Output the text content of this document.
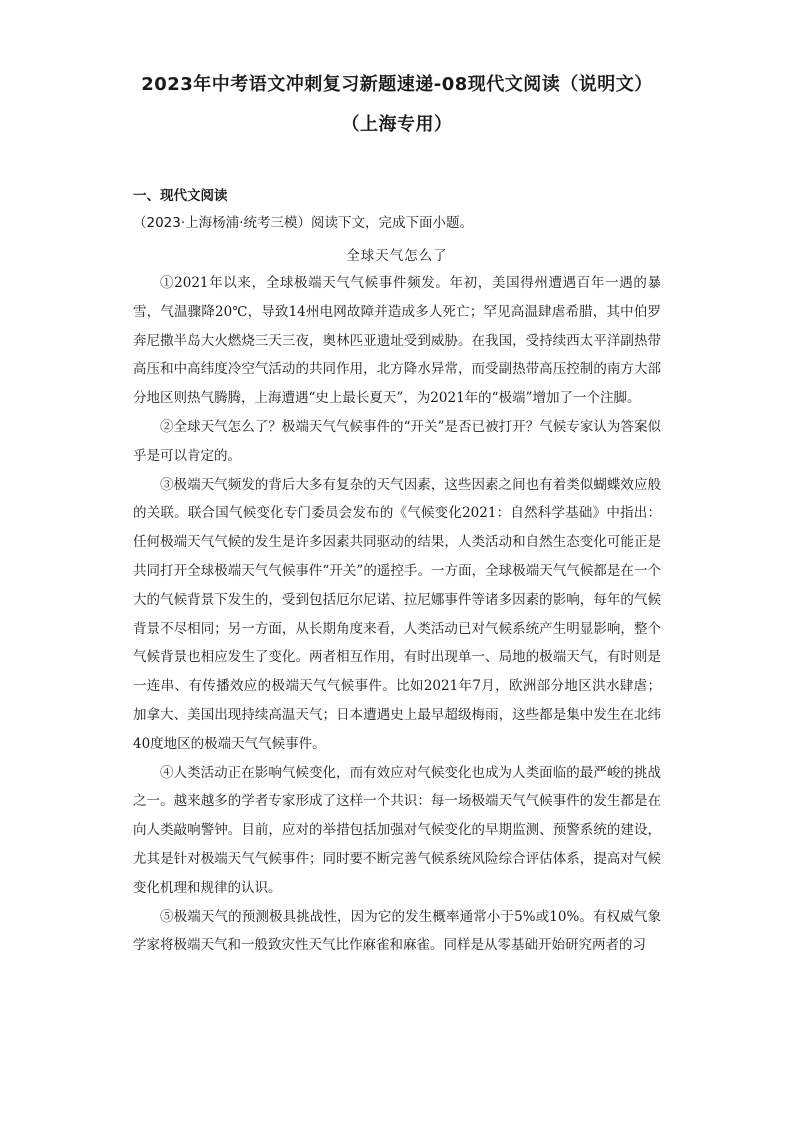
2023年中考语文冲刺复习新题速递-08现代文阅读（说明文）
（上海专用）
一、现代文阅读
（2023·上海杨浦·统考三模）阅读下文，完成下面小题。
全球天气怎么了

①2021年以来，全球极端天气气候事件频发。年初，美国得州遭遇百年一遇的暴雪，气温骤降20℃，导致14州电网故障并造成多人死亡；罕见高温肆虐希腊，其中伯罗奔尼撒半岛大火燃烧三天三夜，奥林匹亚遗址受到威胁。在我国，受持续西太平洋副热带高压和中高纬度冷空气活动的共同作用，北方降水异常，而受副热带高压控制的南方大部分地区则热气腾腾，上海遭遇“史上最长夏天”，为2021年的“极端”增加了一个注脚。

②全球天气怎么了？极端天气气候事件的“开关”是否已被打开？气候专家认为答案似乎是可以肯定的。

③极端天气频发的背后大多有复杂的天气因素，这些因素之间也有着类似蝴蝶效应般的关联。联合国气候变化专门委员会发布的《气候变化2021：自然科学基础》中指出：任何极端天气气候的发生是许多因素共同驱动的结果，人类活动和自然生态变化可能正是共同打开全球极端天气气候事件“开关”的遥控手。一方面，全球极端天气气候都是在一个大的气候背景下发生的，受到包括厄尔尼诺、拉尼娜事件等诸多因素的影响，每年的气候背景不尽相同；另一方面，从长期角度来看，人类活动已对气候系统产生明显影响，整个气候背景也相应发生了变化。两者相互作用，有时出现单一、局地的极端天气，有时则是一连串、有传播效应的极端天气气候事件。比如2021年7月，欧洲部分地区洪水肆虐；加拿大、美国出现持续高温天气；日本遭遇史上最早超级梅雨，这些都是集中发生在北纬40度地区的极端天气气候事件。

④人类活动正在影响气候变化，而有效应对气候变化也成为人类面临的最严峻的挑战之一。越来越多的学者专家形成了这样一个共识：每一场极端天气气候事件的发生都是在向人类敲响警钟。目前，应对的举措包括加强对气候变化的早期监测、预警系统的建设，尤其是针对极端天气气候事件；同时要不断完善气候系统风险综合评估体系，提高对气候变化机理和规律的认识。

⑤极端天气的预测极具挑战性，因为它的发生概率通常小于5%或10%。有权威气象学家将极端天气和一般致灾性天气比作麻雀和麻雀。同样是从零基础开始研究两者的习
